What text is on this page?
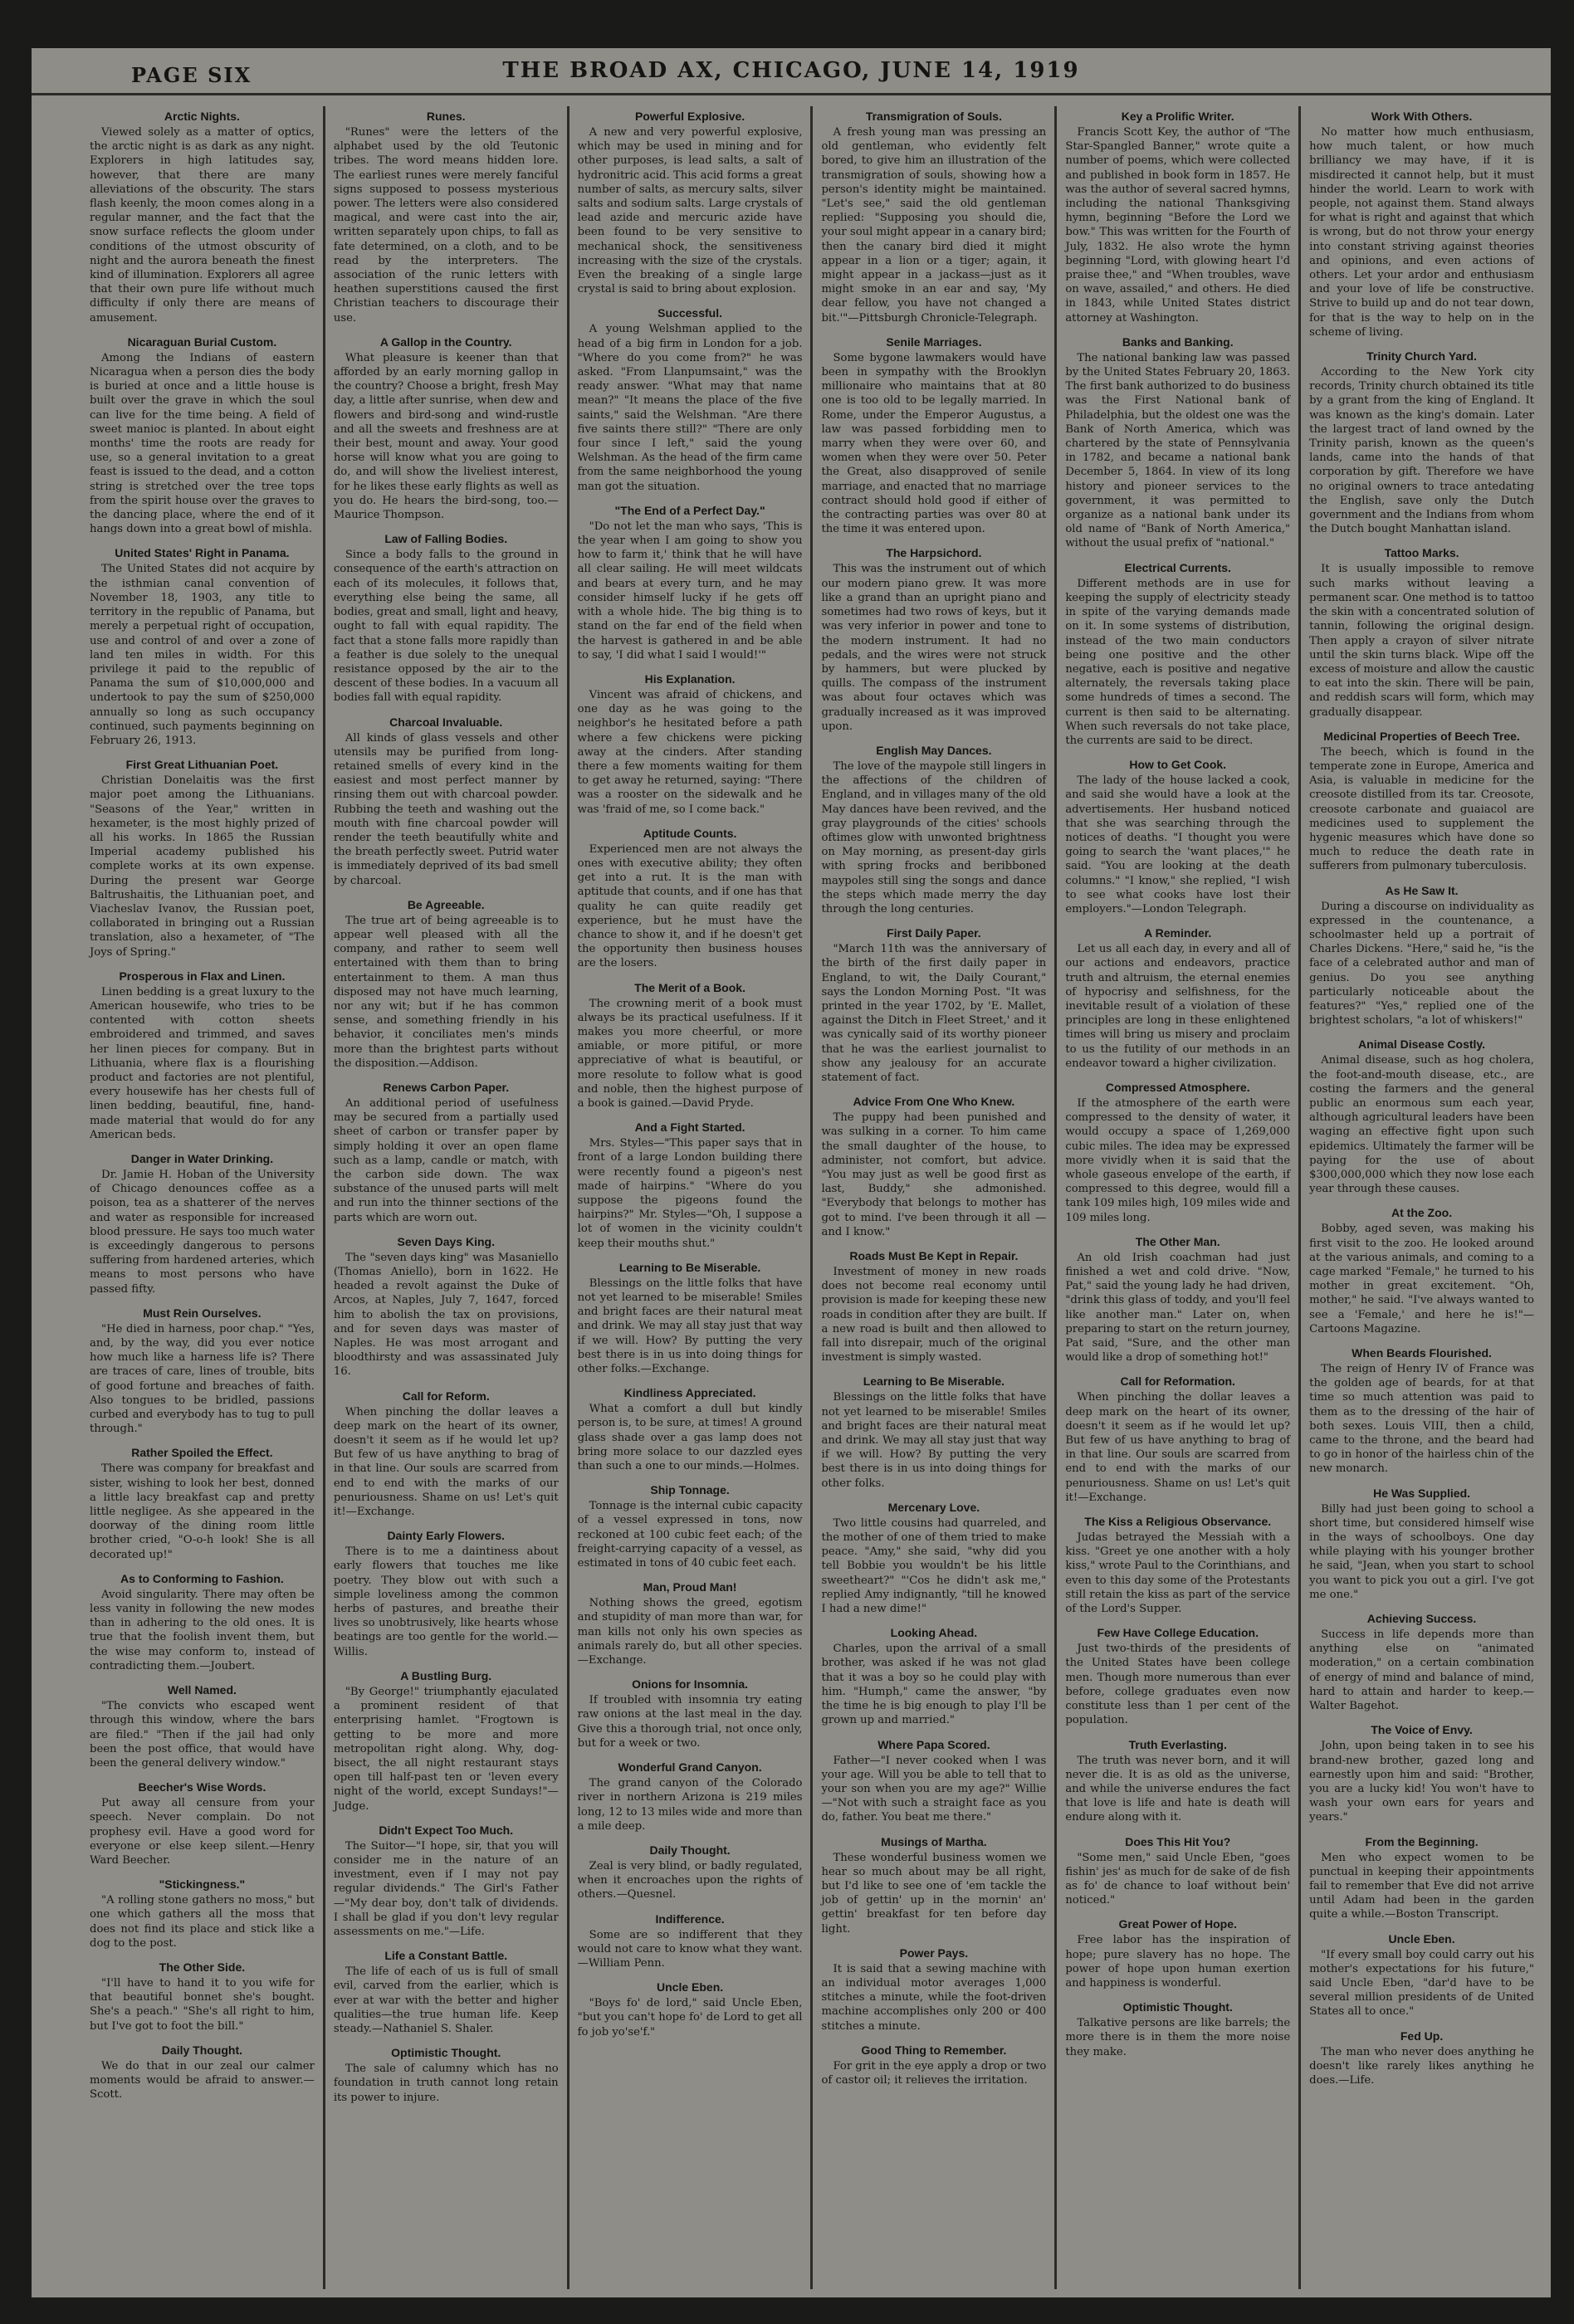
PAGE SIX	THE BROAD AX, CHICAGO, JUNE 14, 1919
Arctic Nights.

Viewed solely as a matter of optics, the arctic night is as dark as any night. Explorers in high latitudes say, however, that there are many alleviations of the obscurity. The stars flash keenly, the moon comes along in a regular manner, and the fact that the snow surface reflects the gloom under conditions of the utmost obscurity of night and the aurora beneath the finest kind of illumination. Explorers all agree that their own pure life without much difficulty if only there are means of amusement.

Nicaraguan Burial Custom.

Among the Indians of eastern Nicaragua when a person dies the body is buried at once and a little house is built over the grave in which the soul can live for the time being. A field of sweet manioc is planted. In about eight months' time the roots are ready for use, so a general invitation to a great feast is issued to the dead, and a cotton string is stretched over the tree tops from the spirit house over the graves to the dancing place, where the end of it hangs down into a great bowl of mishla.

United States' Right in Panama.

The United States did not acquire by the isthmian canal convention of November 18, 1903, any title to territory in the republic of Panama, but merely a perpetual right of occupation, use and control of and over a zone of land ten miles in width. For this privilege it paid to the republic of Panama the sum of $10,000,000 and undertook to pay the sum of $250,000 annually so long as such occupancy continued, such payments beginning on February 26, 1913.

First Great Lithuanian Poet.

Christian Donelaitis was the first major poet among the Lithuanians. "Seasons of the Year," written in hexameter, is the most highly prized of all his works. In 1865 the Russian Imperial academy published his complete works at its own expense. During the present war George Baltrushaitis, the Lithuanian poet, and Viacheslav Ivanov, the Russian poet, collaborated in bringing out a Russian translation, also a hexameter, of "The Joys of Spring."

Prosperous in Flax and Linen.

Linen bedding is a great luxury to the American housewife, who tries to be contented with cotton sheets embroidered and trimmed, and saves her linen pieces for company. But in Lithuania, where flax is a flourishing product and factories are not plentiful, every housewife has her chests full of linen bedding, beautiful, fine, hand-made material that would do for any American beds.

Danger in Water Drinking.

Dr. Jamie H. Hoban of the University of Chicago denounces coffee as a poison, tea as a shatterer of the nerves and water as responsible for increased blood pressure. He says too much water is exceedingly dangerous to persons suffering from hardened arteries, which means to most persons who have passed fifty.

Must Rein Ourselves.

"He died in harness, poor chap." "Yes, and, by the way, did you ever notice how much like a harness life is? There are traces of care, lines of trouble, bits of good fortune and breaches of faith. Also tongues to be bridled, passions curbed and everybody has to tug to pull through."

Rather Spoiled the Effect.

There was company for breakfast and sister, wishing to look her best, donned a little lacy breakfast cap and pretty little negligee. As she appeared in the doorway of the dining room little brother cried, "O-o-h look! She is all decorated up!"

As to Conforming to Fashion.

Avoid singularity. There may often be less vanity in following the new modes than in adhering to the old ones. It is true that the foolish invent them, but the wise may conform to, instead of contradicting them.—Joubert.

Well Named.

"The convicts who escaped went through this window, where the bars are filed." "Then if the jail had only been the post office, that would have been the general delivery window."

Beecher's Wise Words.

Put away all censure from your speech. Never complain. Do not prophesy evil. Have a good word for everyone or else keep silent.—Henry Ward Beecher.

"Stickingness."

"A rolling stone gathers no moss," but one which gathers all the moss that does not find its place and stick like a dog to the post.

The Other Side.

"I'll have to hand it to you wife for that beautiful bonnet she's bought. She's a peach." "She's all right to him, but I've got to foot the bill."

Daily Thought.

We do that in our zeal our calmer moments would be afraid to answer.—Scott.

Runes.

"Runes" were the letters of the alphabet used by the old Teutonic tribes. The word means hidden lore. The earliest runes were merely fanciful signs supposed to possess mysterious power. The letters were also considered magical, and were cast into the air, written separately upon chips, to fall as fate determined, on a cloth, and to be read by the interpreters. The association of the runic letters with heathen superstitions caused the first Christian teachers to discourage their use.

A Gallop in the Country.

What pleasure is keener than that afforded by an early morning gallop in the country? Choose a bright, fresh May day, a little after sunrise, when dew and flowers and bird-song and wind-rustle and all the sweets and freshness are at their best, mount and away. Your good horse will know what you are going to do, and will show the liveliest interest, for he likes these early flights as well as you do. He hears the bird-song, too.—Maurice Thompson.

Law of Falling Bodies.

Since a body falls to the ground in consequence of the earth's attraction on each of its molecules, it follows that, everything else being the same, all bodies, great and small, light and heavy, ought to fall with equal rapidity. The fact that a stone falls more rapidly than a feather is due solely to the unequal resistance opposed by the air to the descent of these bodies. In a vacuum all bodies fall with equal rapidity.

Charcoal Invaluable.

All kinds of glass vessels and other utensils may be purified from long-retained smells of every kind in the easiest and most perfect manner by rinsing them out with charcoal powder. Rubbing the teeth and washing out the mouth with fine charcoal powder will render the teeth beautifully white and the breath perfectly sweet. Putrid water is immediately deprived of its bad smell by charcoal.

Be Agreeable.

The true art of being agreeable is to appear well pleased with all the company, and rather to seem well entertained with them than to bring entertainment to them. A man thus disposed may not have much learning, nor any wit; but if he has common sense, and something friendly in his behavior, it conciliates men's minds more than the brightest parts without the disposition.—Addison.

Renews Carbon Paper.

An additional period of usefulness may be secured from a partially used sheet of carbon or transfer paper by simply holding it over an open flame such as a lamp, candle or match, with the carbon side down. The wax substance of the unused parts will melt and run into the thinner sections of the parts which are worn out.

Seven Days King.

The "seven days king" was Masaniello (Thomas Aniello), born in 1622. He headed a revolt against the Duke of Arcos, at Naples, July 7, 1647, forced him to abolish the tax on provisions, and for seven days was master of Naples. He was most arrogant and bloodthirsty and was assassinated July 16.

Call for Reform.

When pinching the dollar leaves a deep mark on the heart of its owner, doesn't it seem as if he would let up? But few of us have anything to brag of in that line. Our souls are scarred from end to end with the marks of our penuriousness. Shame on us! Let's quit it!—Exchange.

Dainty Early Flowers.

There is to me a daintiness about early flowers that touches me like poetry. They blow out with such a simple loveliness among the common herbs of pastures, and breathe their lives so unobtrusively, like hearts whose beatings are too gentle for the world.—Willis.

A Bustling Burg.

"By George!" triumphantly ejaculated a prominent resident of that enterprising hamlet. "Frogtown is getting to be more and more metropolitan right along. Why, dog-bisect, the all night restaurant stays open till half-past ten or 'leven every night of the world, except Sundays!"—Judge.

Didn't Expect Too Much.

The Suitor—"I hope, sir, that you will consider me in the nature of an investment, even if I may not pay regular dividends." The Girl's Father—"My dear boy, don't talk of dividends. I shall be glad if you don't levy regular assessments on me."—Life.

Life a Constant Battle.

The life of each of us is full of small evil, carved from the earlier, which is ever at war with the better and higher qualities—the true human life. Keep steady.—Nathaniel S. Shaler.

Optimistic Thought.

The sale of calumny which has no foundation in truth cannot long retain its power to injure.

Powerful Explosive.

A new and very powerful explosive, which may be used in mining and for other purposes, is lead salts, a salt of hydronitric acid. This acid forms a great number of salts, as mercury salts, silver salts and sodium salts. Large crystals of lead azide and mercuric azide have been found to be very sensitive to mechanical shock, the sensitiveness increasing with the size of the crystals. Even the breaking of a single large crystal is said to bring about explosion.

Successful.

A young Welshman applied to the head of a big firm in London for a job. "Where do you come from?" he was asked. "From Llanpumsaint," was the ready answer. "What may that name mean?" "It means the place of the five saints," said the Welshman. "Are there five saints there still?" "There are only four since I left," said the young Welshman. As the head of the firm came from the same neighborhood the young man got the situation.

"The End of a Perfect Day."

"Do not let the man who says, 'This is the year when I am going to show you how to farm it,' think that he will have all clear sailing. He will meet wildcats and bears at every turn, and he may consider himself lucky if he gets off with a whole hide. The big thing is to stand on the far end of the field when the harvest is gathered in and be able to say, 'I did what I said I would!'"

His Explanation.

Vincent was afraid of chickens, and one day as he was going to the neighbor's he hesitated before a path where a few chickens were picking away at the cinders. After standing there a few moments waiting for them to get away he returned, saying: "There was a rooster on the sidewalk and he was 'fraid of me, so I come back."

Aptitude Counts.

Experienced men are not always the ones with executive ability; they often get into a rut. It is the man with aptitude that counts, and if one has that quality he can quite readily get experience, but he must have the chance to show it, and if he doesn't get the opportunity then business houses are the losers.

The Merit of a Book.

The crowning merit of a book must always be its practical usefulness. If it makes you more cheerful, or more amiable, or more pitiful, or more appreciative of what is beautiful, or more resolute to follow what is good and noble, then the highest purpose of a book is gained.—David Pryde.

And a Fight Started.

Mrs. Styles—"This paper says that in front of a large London building there were recently found a pigeon's nest made of hairpins." "Where do you suppose the pigeons found the hairpins?" Mr. Styles—"Oh, I suppose a lot of women in the vicinity couldn't keep their mouths shut."

Learning to Be Miserable.

Blessings on the little folks that have not yet learned to be miserable! Smiles and bright faces are their natural meat and drink. We may all stay just that way if we will. How? By putting the very best there is in us into doing things for other folks.—Exchange.

Kindliness Appreciated.

What a comfort a dull but kindly person is, to be sure, at times! A ground glass shade over a gas lamp does not bring more solace to our dazzled eyes than such a one to our minds.—Holmes.

Ship Tonnage.

Tonnage is the internal cubic capacity of a vessel expressed in tons, now reckoned at 100 cubic feet each; of the freight-carrying capacity of a vessel, as estimated in tons of 40 cubic feet each.

Man, Proud Man!

Nothing shows the greed, egotism and stupidity of man more than war, for man kills not only his own species as animals rarely do, but all other species.—Exchange.

Onions for Insomnia.

If troubled with insomnia try eating raw onions at the last meal in the day. Give this a thorough trial, not once only, but for a week or two.

Wonderful Grand Canyon.

The grand canyon of the Colorado river in northern Arizona is 219 miles long, 12 to 13 miles wide and more than a mile deep.

Daily Thought.

Zeal is very blind, or badly regulated, when it encroaches upon the rights of others.—Quesnel.

Indifference.

Some are so indifferent that they would not care to know what they want.—William Penn.

Uncle Eben.

"Boys fo' de lord," said Uncle Eben, "but you can't hope fo' de Lord to get all fo job yo'se'f."

Transmigration of Souls.

A fresh young man was pressing an old gentleman, who evidently felt bored, to give him an illustration of the transmigration of souls, showing how a person's identity might be maintained. "Let's see," said the old gentleman replied: "Supposing you should die, your soul might appear in a canary bird; then the canary bird died it might appear in a lion or a tiger; again, it might appear in a jackass—just as it might smoke in an ear and say, 'My dear fellow, you have not changed a bit.'"—Pittsburgh Chronicle-Telegraph.

Senile Marriages.

Some bygone lawmakers would have been in sympathy with the Brooklyn millionaire who maintains that at 80 one is too old to be legally married. In Rome, under the Emperor Augustus, a law was passed forbidding men to marry when they were over 60, and women when they were over 50. Peter the Great, also disapproved of senile marriage, and enacted that no marriage contract should hold good if either of the contracting parties was over 80 at the time it was entered upon.

The Harpsichord.

This was the instrument out of which our modern piano grew. It was more like a grand than an upright piano and sometimes had two rows of keys, but it was very inferior in power and tone to the modern instrument. It had no pedals, and the wires were not struck by hammers, but were plucked by quills. The compass of the instrument was about four octaves which was gradually increased as it was improved upon.

English May Dances.

The love of the maypole still lingers in the affections of the children of England, and in villages many of the old May dances have been revived, and the gray playgrounds of the cities' schools oftimes glow with unwonted brightness on May morning, as present-day girls with spring frocks and beribboned maypoles still sing the songs and dance the steps which made merry the day through the long centuries.

First Daily Paper.

"March 11th was the anniversary of the birth of the first daily paper in England, to wit, the Daily Courant," says the London Morning Post. "It was printed in the year 1702, by 'E. Mallet, against the Ditch in Fleet Street,' and it was cynically said of its worthy pioneer that he was the earliest journalist to show any jealousy for an accurate statement of fact.

Advice From One Who Knew.

The puppy had been punished and was sulking in a corner. To him came the small daughter of the house, to administer, not comfort, but advice. "You may just as well be good first as last, Buddy," she admonished. "Everybody that belongs to mother has got to mind. I've been through it all —and I know."

Roads Must Be Kept in Repair.

Investment of money in new roads does not become real economy until provision is made for keeping these new roads in condition after they are built. If a new road is built and then allowed to fall into disrepair, much of the original investment is simply wasted.

Learning to Be Miserable.

Blessings on the little folks that have not yet learned to be miserable! Smiles and bright faces are their natural meat and drink. We may all stay just that way if we will. How? By putting the very best there is in us into doing things for other folks.

Mercenary Love.

Two little cousins had quarreled, and the mother of one of them tried to make peace. "Amy," she said, "why did you tell Bobbie you wouldn't be his little sweetheart?" "'Cos he didn't ask me," replied Amy indignantly, "till he knowed I had a new dime!"

Looking Ahead.

Charles, upon the arrival of a small brother, was asked if he was not glad that it was a boy so he could play with him. "Humph," came the answer, "by the time he is big enough to play I'll be grown up and married."

Where Papa Scored.

Father—"I never cooked when I was your age. Will you be able to tell that to your son when you are my age?" Willie—"Not with such a straight face as you do, father. You beat me there."

Musings of Martha.

These wonderful business women we hear so much about may be all right, but I'd like to see one of 'em tackle the job of gettin' up in the mornin' an' gettin' breakfast for ten before day light.

Power Pays.

It is said that a sewing machine with an individual motor averages 1,000 stitches a minute, while the foot-driven machine accomplishes only 200 or 400 stitches a minute.

Good Thing to Remember.

For grit in the eye apply a drop or two of castor oil; it relieves the irritation.

Key a Prolific Writer.

Francis Scott Key, the author of "The Star-Spangled Banner," wrote quite a number of poems, which were collected and published in book form in 1857. He was the author of several sacred hymns, including the national Thanksgiving hymn, beginning "Before the Lord we bow." This was written for the Fourth of July, 1832. He also wrote the hymn beginning "Lord, with glowing heart I'd praise thee," and "When troubles, wave on wave, assailed," and others. He died in 1843, while United States district attorney at Washington.

Banks and Banking.

The national banking law was passed by the United States February 20, 1863. The first bank authorized to do business was the First National bank of Philadelphia, but the oldest one was the Bank of North America, which was chartered by the state of Pennsylvania in 1782, and became a national bank December 5, 1864. In view of its long history and pioneer services to the government, it was permitted to organize as a national bank under its old name of "Bank of North America," without the usual prefix of "national."

Electrical Currents.

Different methods are in use for keeping the supply of electricity steady in spite of the varying demands made on it. In some systems of distribution, instead of the two main conductors being one positive and the other negative, each is positive and negative alternately, the reversals taking place some hundreds of times a second. The current is then said to be alternating. When such reversals do not take place, the currents are said to be direct.

How to Get Cook.

The lady of the house lacked a cook, and said she would have a look at the advertisements. Her husband noticed that she was searching through the notices of deaths. "I thought you were going to search the 'want places,'" he said. "You are looking at the death columns." "I know," she replied, "I wish to see what cooks have lost their employers."—London Telegraph.

A Reminder.

Let us all each day, in every and all of our actions and endeavors, practice truth and altruism, the eternal enemies of hypocrisy and selfishness, for the inevitable result of a violation of these principles are long in these enlightened times will bring us misery and proclaim to us the futility of our methods in an endeavor toward a higher civilization.

Compressed Atmosphere.

If the atmosphere of the earth were compressed to the density of water, it would occupy a space of 1,269,000 cubic miles. The idea may be expressed more vividly when it is said that the whole gaseous envelope of the earth, if compressed to this degree, would fill a tank 109 miles high, 109 miles wide and 109 miles long.

The Other Man.

An old Irish coachman had just finished a wet and cold drive. "Now, Pat," said the young lady he had driven, "drink this glass of toddy, and you'll feel like another man." Later on, when preparing to start on the return journey, Pat said, "Sure, and the other man would like a drop of something hot!"

Call for Reformation.

When pinching the dollar leaves a deep mark on the heart of its owner, doesn't it seem as if he would let up? But few of us have anything to brag of in that line. Our souls are scarred from end to end with the marks of our penuriousness. Shame on us! Let's quit it!—Exchange.

The Kiss a Religious Observance.

Judas betrayed the Messiah with a kiss. "Greet ye one another with a holy kiss," wrote Paul to the Corinthians, and even to this day some of the Protestants still retain the kiss as part of the service of the Lord's Supper.

Few Have College Education.

Just two-thirds of the presidents of the United States have been college men. Though more numerous than ever before, college graduates even now constitute less than 1 per cent of the population.

Truth Everlasting.

The truth was never born, and it will never die. It is as old as the universe, and while the universe endures the fact that love is life and hate is death will endure along with it.

Does This Hit You?

"Some men," said Uncle Eben, "goes fishin' jes' as much for de sake of de fish as fo' de chance to loaf without bein' noticed."

Great Power of Hope.

Free labor has the inspiration of hope; pure slavery has no hope. The power of hope upon human exertion and happiness is wonderful.

Optimistic Thought.

Talkative persons are like barrels; the more there is in them the more noise they make.

Work With Others.

No matter how much enthusiasm, how much talent, or how much brilliancy we may have, if it is misdirected it cannot help, but it must hinder the world. Learn to work with people, not against them. Stand always for what is right and against that which is wrong, but do not throw your energy into constant striving against theories and opinions, and even actions of others. Let your ardor and enthusiasm and your love of life be constructive. Strive to build up and do not tear down, for that is the way to help on in the scheme of living.

Trinity Church Yard.

According to the New York city records, Trinity church obtained its title by a grant from the king of England. It was known as the king's domain. Later the largest tract of land owned by the Trinity parish, known as the queen's lands, came into the hands of that corporation by gift. Therefore we have no original owners to trace antedating the English, save only the Dutch government and the Indians from whom the Dutch bought Manhattan island.

Tattoo Marks.

It is usually impossible to remove such marks without leaving a permanent scar. One method is to tattoo the skin with a concentrated solution of tannin, following the original design. Then apply a crayon of silver nitrate until the skin turns black. Wipe off the excess of moisture and allow the caustic to eat into the skin. There will be pain, and reddish scars will form, which may gradually disappear.

Medicinal Properties of Beech Tree.

The beech, which is found in the temperate zone in Europe, America and Asia, is valuable in medicine for the creosote distilled from its tar. Creosote, creosote carbonate and guaiacol are medicines used to supplement the hygenic measures which have done so much to reduce the death rate in sufferers from pulmonary tuberculosis.

As He Saw It.

During a discourse on individuality as expressed in the countenance, a schoolmaster held up a portrait of Charles Dickens. "Here," said he, "is the face of a celebrated author and man of genius. Do you see anything particularly noticeable about the features?" "Yes," replied one of the brightest scholars, "a lot of whiskers!"

Animal Disease Costly.

Animal disease, such as hog cholera, the foot-and-mouth disease, etc., are costing the farmers and the general public an enormous sum each year, although agricultural leaders have been waging an effective fight upon such epidemics. Ultimately the farmer will be paying for the use of about $300,000,000 which they now lose each year through these causes.

At the Zoo.

Bobby, aged seven, was making his first visit to the zoo. He looked around at the various animals, and coming to a cage marked "Female," he turned to his mother in great excitement. "Oh, mother," he said. "I've always wanted to see a 'Female,' and here he is!"—Cartoons Magazine.

When Beards Flourished.

The reign of Henry IV of France was the golden age of beards, for at that time so much attention was paid to them as to the dressing of the hair of both sexes. Louis VIII, then a child, came to the throne, and the beard had to go in honor of the hairless chin of the new monarch.

He Was Supplied.

Billy had just been going to school a short time, but considered himself wise in the ways of schoolboys. One day while playing with his younger brother he said, "Jean, when you start to school you want to pick you out a girl. I've got me one."

Achieving Success.

Success in life depends more than anything else on "animated moderation," on a certain combination of energy of mind and balance of mind, hard to attain and harder to keep.—Walter Bagehot.

The Voice of Envy.

John, upon being taken in to see his brand-new brother, gazed long and earnestly upon him and said: "Brother, you are a lucky kid! You won't have to wash your own ears for years and years."

From the Beginning.

Men who expect women to be punctual in keeping their appointments fail to remember that Eve did not arrive until Adam had been in the garden quite a while.—Boston Transcript.

Uncle Eben.

"If every small boy could carry out his mother's expectations for his future," said Uncle Eben, "dar'd have to be several million presidents of de United States all to once."

Fed Up.

The man who never does anything he doesn't like rarely likes anything he does.—Life.
